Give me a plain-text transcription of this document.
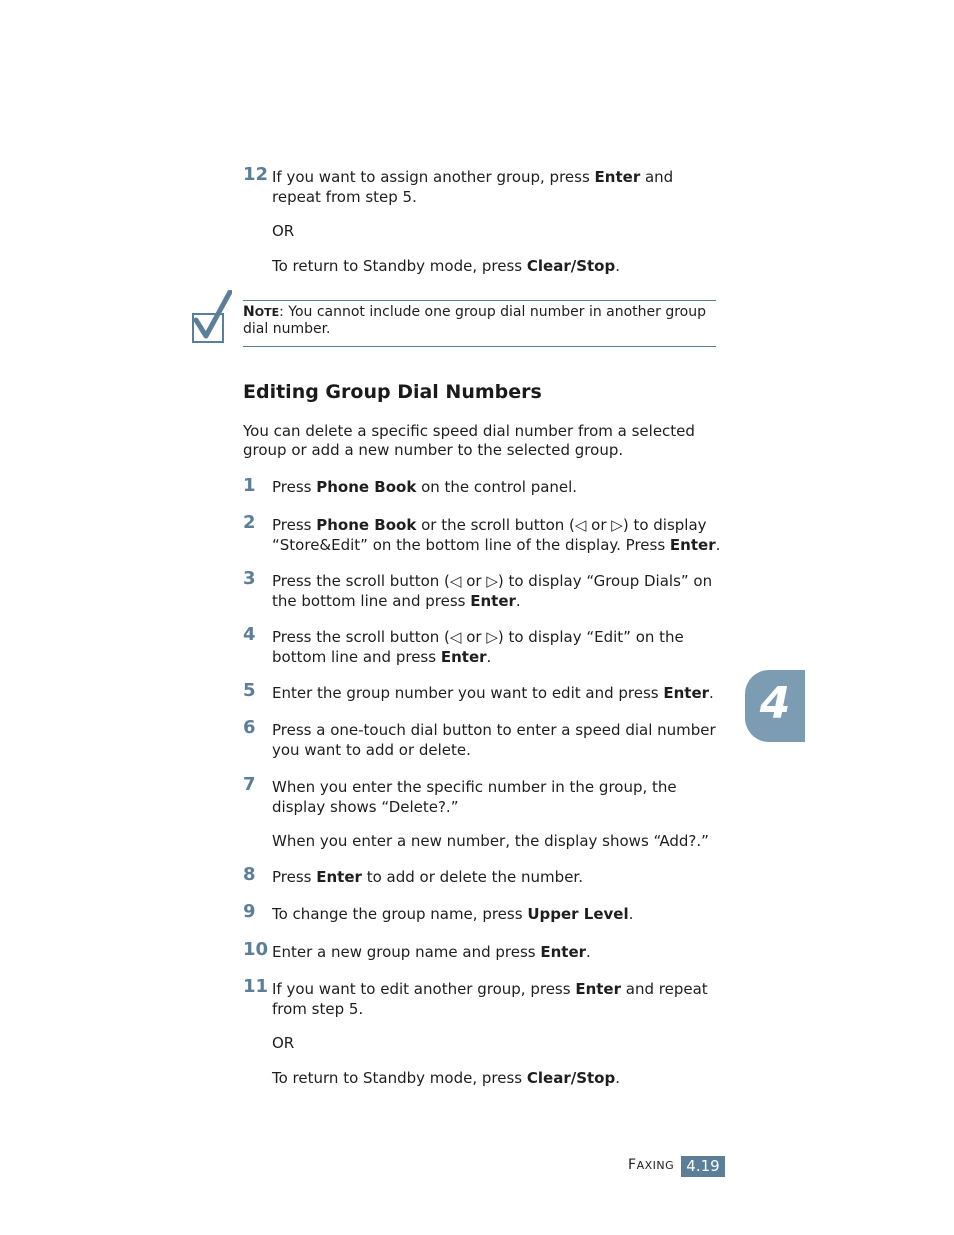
12 If you want to assign another group, press Enter and repeat from step 5.
OR
To return to Standby mode, press Clear/Stop.
NOTE: You cannot include one group dial number in another group dial number.
Editing Group Dial Numbers
You can delete a specific speed dial number from a selected group or add a new number to the selected group.
1 Press Phone Book on the control panel.
2 Press Phone Book or the scroll button (◁ or ▷) to display “Store&Edit” on the bottom line of the display. Press Enter.
3 Press the scroll button (◁ or ▷) to display “Group Dials” on the bottom line and press Enter.
4 Press the scroll button (◁ or ▷) to display “Edit” on the bottom line and press Enter.
5 Enter the group number you want to edit and press Enter.
6 Press a one-touch dial button to enter a speed dial number you want to add or delete.
7 When you enter the specific number in the group, the display shows “Delete?.”
When you enter a new number, the display shows “Add?.”
8 Press Enter to add or delete the number.
9 To change the group name, press Upper Level.
10 Enter a new group name and press Enter.
11 If you want to edit another group, press Enter and repeat from step 5.
OR
To return to Standby mode, press Clear/Stop.
4
FAXING 4.19
